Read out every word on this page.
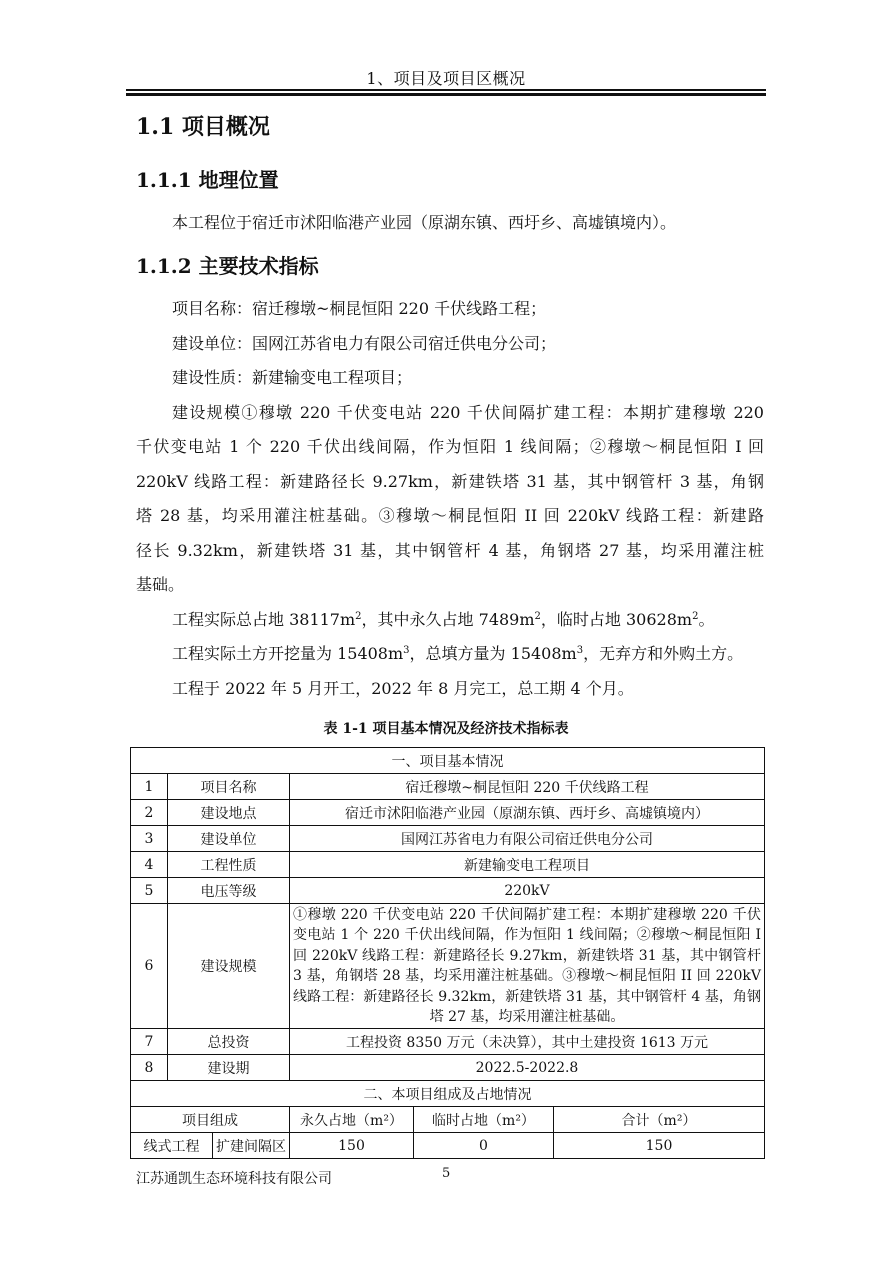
1、项目及项目区概况
1.1 项目概况
1.1.1 地理位置
本工程位于宿迁市沭阳临港产业园（原湖东镇、西圩乡、高墟镇境内）。
1.1.2 主要技术指标
项目名称：宿迁穆墩~桐昆恒阳 220 千伏线路工程；
建设单位：国网江苏省电力有限公司宿迁供电分公司；
建设性质：新建输变电工程项目；
建设规模①穆墩 220 千伏变电站 220 千伏间隔扩建工程：本期扩建穆墩 220
千伏变电站 1 个 220 千伏出线间隔，作为恒阳 1 线间隔；②穆墩～桐昆恒阳 I 回
220kV 线路工程：新建路径长 9.27km，新建铁塔 31 基，其中钢管杆 3 基，角钢
塔 28 基，均采用灌注桩基础。③穆墩～桐昆恒阳 II 回 220kV 线路工程：新建路
径长 9.32km，新建铁塔 31 基，其中钢管杆 4 基，角钢塔 27 基，均采用灌注桩
基础。
工程实际总占地 $38117m^2$，其中永久占地 $7489m^2$，临时占地 $30628m^2$。
工程实际土方开挖量为 $15408m^3$，总填方量为 $15408m^3$，无弃方和外购土方。
工程于 2022 年 5 月开工，2022 年 8 月完工，总工期 4 个月。
表 1-1 项目基本情况及经济技术指标表
一、项目基本情况					
1	项目名称		宿迁穆墩~桐昆恒阳 220 千伏线路工程		
2	建设地点		宿迁市沭阳临港产业园（原湖东镇、西圩乡、高墟镇境内）		
3	建设单位		国网江苏省电力有限公司宿迁供电分公司		
4	工程性质		新建输变电工程项目		
5	电压等级		220kV		
6	建设规模		①穆墩 220 千伏变电站 220 千伏间隔扩建工程：本期扩建穆墩 220 千伏变电站 1 个 220 千伏出线间隔，作为恒阳 1 线间隔；②穆墩～桐昆恒阳 I 回 220kV 线路工程：新建路径长 9.27km，新建铁塔 31 基，其中钢管杆 3 基，角钢塔 28 基，均采用灌注桩基础。③穆墩～桐昆恒阳 II 回 220kV 线路工程：新建路径长 9.32km，新建铁塔 31 基，其中钢管杆 4 基，角钢塔 27 基，均采用灌注桩基础。		
7	总投资		工程投资 8350 万元（未决算），其中土建投资 1613 万元		
8	建设期		2022.5-2022.8		
二、本项目组成及占地情况					
项目组成			永久占地（m²）	临时占地（m²）	合计（m²）
线式工程		扩建间隔区	150	0	150
江苏通凯生态环境科技有限公司	5
